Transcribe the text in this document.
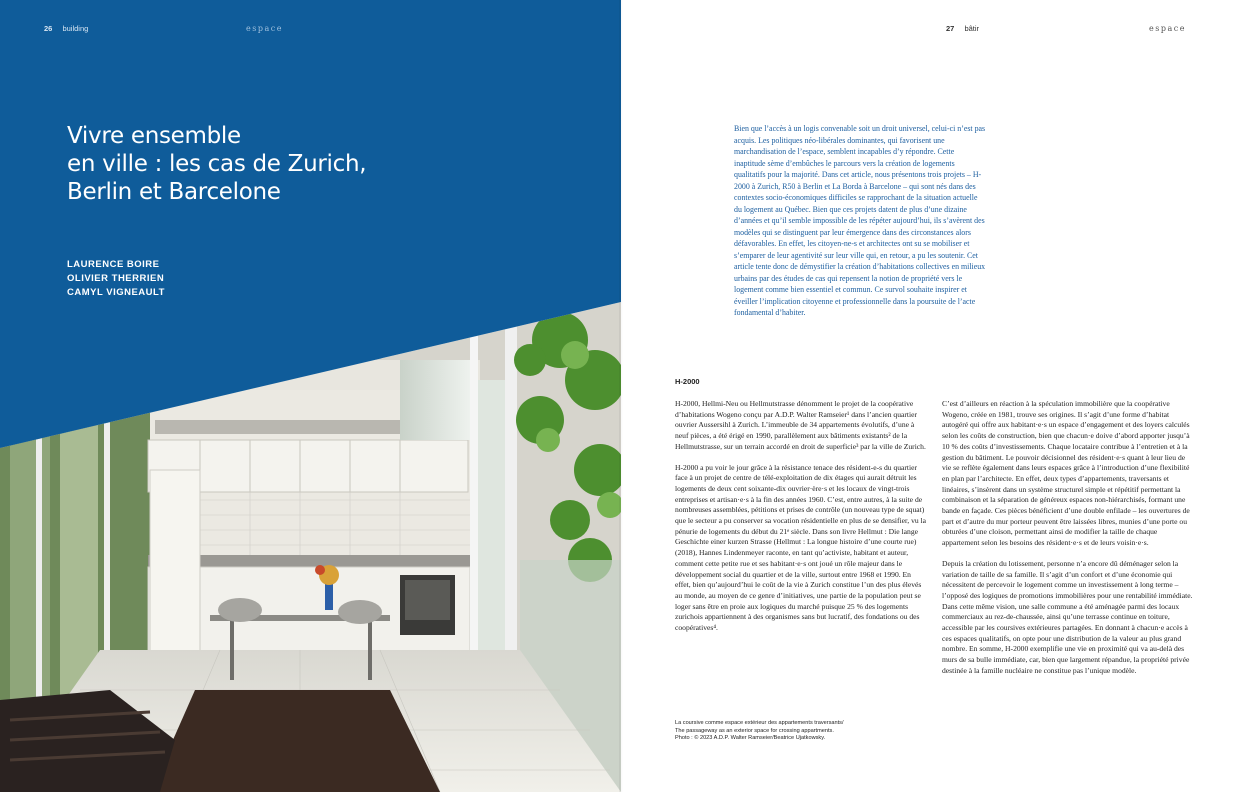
26 building	espace
Vivre ensemble
en ville : les cas de Zurich,
Berlin et Barcelone
LAURENCE BOIRE
OLIVIER THERRIEN
CAMYL VIGNEAULT
27 bâtir	espace

Bien que l’accès à un logis convenable soit un droit universel, celui-ci n’est pas acquis. Les politiques néo-libérales dominantes, qui favorisent une marchandisation de l’espace, semblent incapables d’y répondre. Cette inaptitude sème d’embûches le parcours vers la création de logements qualitatifs pour la majorité. Dans cet article, nous présentons trois projets – H-2000 à Zurich, R50 à Berlin et La Borda à Barcelone – qui sont nés dans des contextes socio-économiques difficiles se rapprochant de la situation actuelle du logement au Québec. Bien que ces projets datent de plus d’une dizaine d’années et qu’il semble impossible de les répéter aujourd’hui, ils s’avèrent des modèles qui se distinguent par leur émergence dans des circonstances alors défavorables. En effet, les citoyen-ne-s et architectes ont su se mobiliser et s’emparer de leur agentivité sur leur ville qui, en retour, a pu les soutenir. Cet article tente donc de démystifier la création d’habitations collectives en milieux urbains par des études de cas qui repensent la notion de propriété vers le logement comme bien essentiel et commun. Ce survol souhaite inspirer et éveiller l’implication citoyenne et professionnelle dans la poursuite de l’acte fondamental d’habiter.

H-2000

H-2000, Hellmi-Neu ou Hellmutstrasse dénomment le projet de la coopérative d’habitations Wogeno conçu par A.D.P. Walter Ramseier¹ dans l’ancien quartier ouvrier Aussersihl à Zurich. L’immeuble de 34 appartements évolutifs, d’une à neuf pièces, a été érigé en 1990, parallèlement aux bâtiments existants² de la Hellmutstrasse, sur un terrain accordé en droit de superficie³ par la ville de Zurich.

H-2000 a pu voir le jour grâce à la résistance tenace des résident-e-s du quartier face à un projet de centre de télé-exploitation de dix étages qui aurait détruit les logements de deux cent soixante-dix ouvrier·ère·s et les locaux de vingt-trois entreprises et artisan·e·s à la fin des années 1960. C’est, entre autres, à la suite de nombreuses assemblées, pétitions et prises de contrôle (un nouveau type de squat) que le secteur a pu conserver sa vocation résidentielle en plus de se densifier, vu la pénurie de logements du début du 21ᵉ siècle. Dans son livre Hellmut : Die lange Geschichte einer kurzen Strasse (Hellmut : La longue histoire d’une courte rue) (2018), Hannes Lindenmeyer raconte, en tant qu’activiste, habitant et auteur, comment cette petite rue et ses habitant·e·s ont joué un rôle majeur dans le développement social du quartier et de la ville, surtout entre 1968 et 1990. En effet, bien qu’aujourd’hui le coût de la vie à Zurich constitue l’un des plus élevés au monde, au moyen de ce genre d’initiatives, une partie de la population peut se loger sans être en proie aux logiques du marché puisque 25 % des logements zurichois appartiennent à des organismes sans but lucratif, des fondations ou des coopératives⁴.

C’est d’ailleurs en réaction à la spéculation immobilière que la coopérative Wogeno, créée en 1981, trouve ses origines. Il s’agit d’une forme d’habitat autogéré qui offre aux habitant·e·s un espace d’engagement et des loyers calculés selon les coûts de construction, bien que chacun·e doive d’abord apporter jusqu’à 10 % des coûts d’investissements. Chaque locataire contribue à l’entretien et à la gestion du bâtiment. Le pouvoir décisionnel des résident·e·s quant à leur lieu de vie se reflète également dans leurs espaces grâce à l’introduction d’une flexibilité en plan par l’architecte. En effet, deux types d’appartements, traversants et linéaires, s’insèrent dans un système structurel simple et répétitif permettant la combinaison et la séparation de généreux espaces non-hiérarchisés, formant une bande en façade. Ces pièces bénéficient d’une double enfilade – les ouvertures de part et d’autre du mur porteur peuvent être laissées libres, munies d’une porte ou obturées d’une cloison, permettant ainsi de modifier la taille de chaque appartement selon les besoins des résident·e·s et de leurs voisin·e·s.

Depuis la création du lotissement, personne n’a encore dû déménager selon la variation de taille de sa famille. Il s’agit d’un confort et d’une économie qui nécessitent de percevoir le logement comme un investissement à long terme – l’opposé des logiques de promotions immobilières pour une rentabilité immédiate. Dans cette même vision, une salle commune a été aménagée parmi des locaux commerciaux au rez-de-chaussée, ainsi qu’une terrasse continue en toiture, accessible par les coursives extérieures partagées. En donnant à chacun·e accès à ces espaces qualitatifs, on opte pour une distribution de la valeur au plus grand nombre. En somme, H-2000 exemplifie une vie en proximité qui va au-delà des murs de sa bulle immédiate, car, bien que largement répandue, la propriété privée destinée à la famille nucléaire ne constitue pas l’unique modèle.

La coursive comme espace extérieur des appartements traversants/
The passageway as an exterior space for crossing appartments.
Photo : © 2023 A.D.P. Walter Ramseier/Beatrice Ujatkowsky.
